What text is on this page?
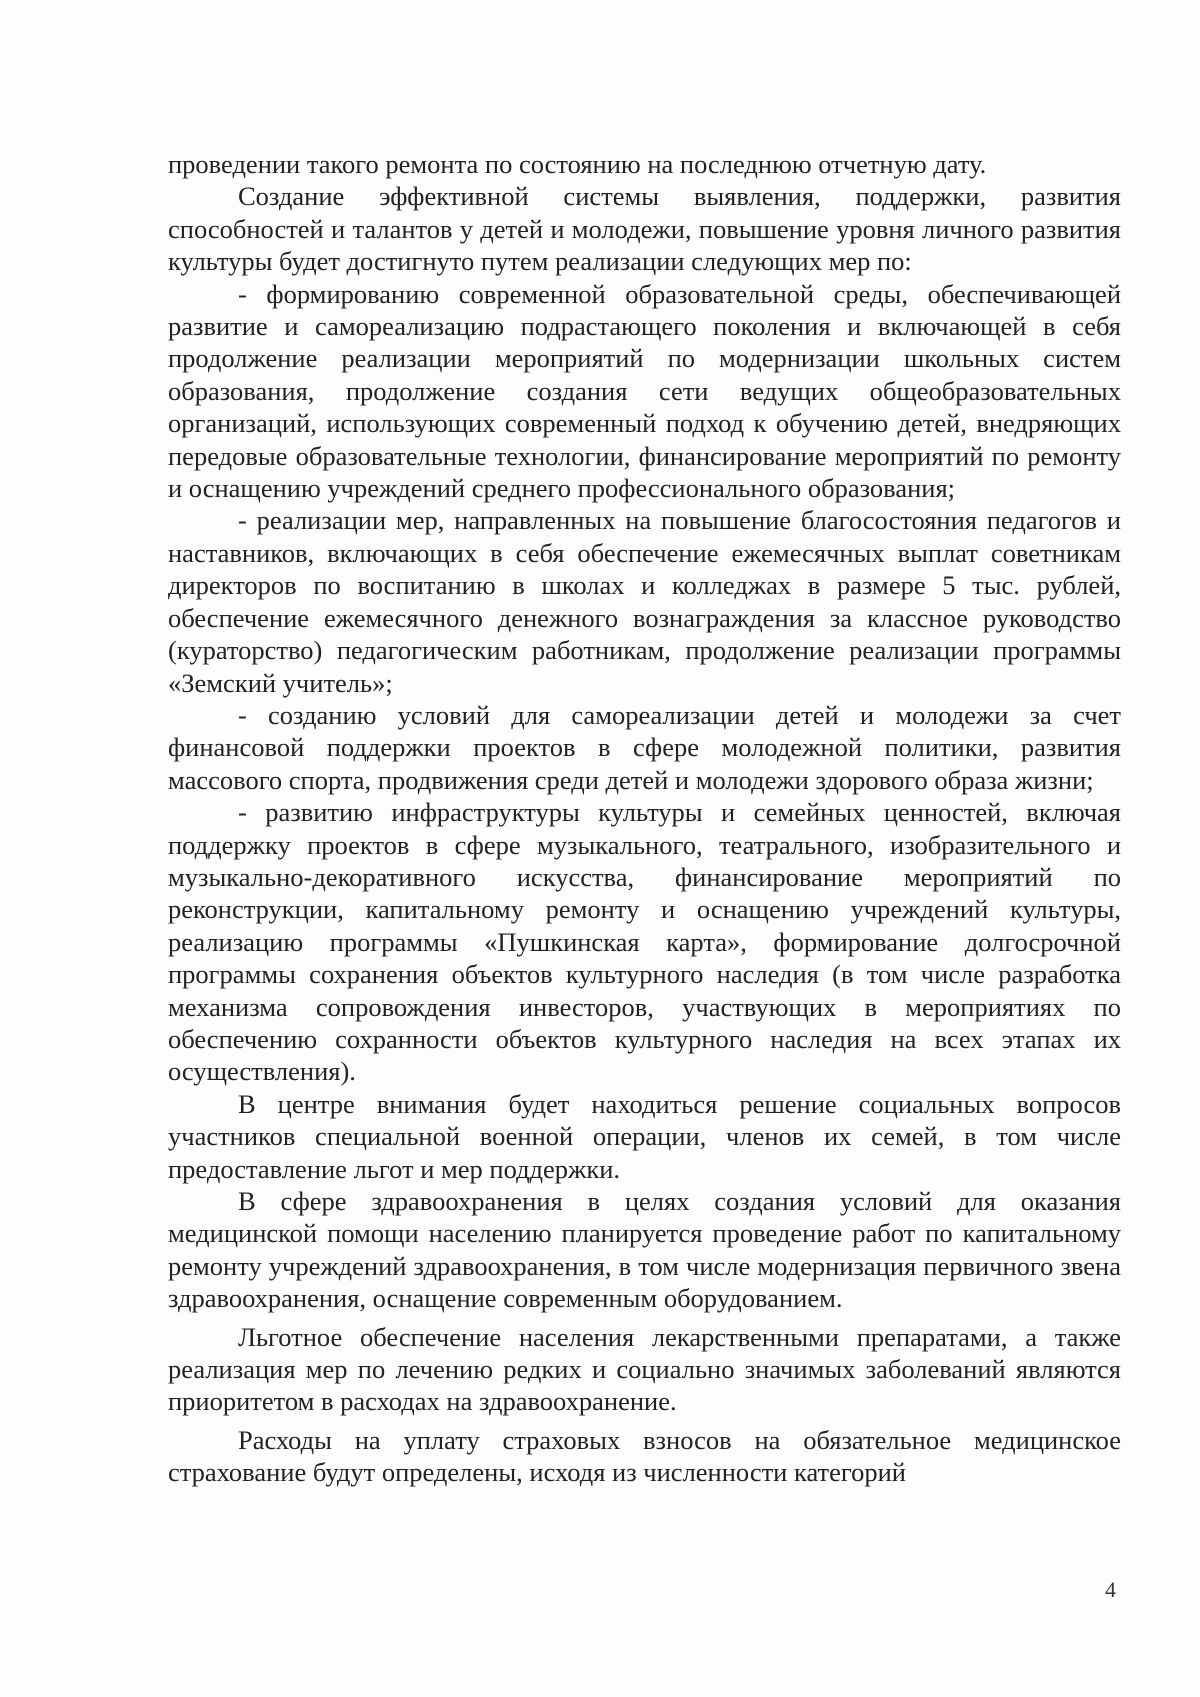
проведении такого ремонта по состоянию на последнюю отчетную дату.

Создание эффективной системы выявления, поддержки, развития способностей и талантов у детей и молодежи, повышение уровня личного развития культуры будет достигнуто путем реализации следующих мер по:

- формированию современной образовательной среды, обеспечивающей развитие и самореализацию подрастающего поколения и включающей в себя продолжение реализации мероприятий по модернизации школьных систем образования, продолжение создания сети ведущих общеобразовательных организаций, использующих современный подход к обучению детей, внедряющих передовые образовательные технологии, финансирование мероприятий по ремонту и оснащению учреждений среднего профессионального образования;

- реализации мер, направленных на повышение благосостояния педагогов и наставников, включающих в себя обеспечение ежемесячных выплат советникам директоров по воспитанию в школах и колледжах в размере 5 тыс. рублей, обеспечение ежемесячного денежного вознаграждения за классное руководство (кураторство) педагогическим работникам, продолжение реализации программы «Земский учитель»;

- созданию условий для самореализации детей и молодежи за счет финансовой поддержки проектов в сфере молодежной политики, развития массового спорта, продвижения среди детей и молодежи здорового образа жизни;

- развитию инфраструктуры культуры и семейных ценностей, включая поддержку проектов в сфере музыкального, театрального, изобразительного и музыкально-декоративного искусства, финансирование мероприятий по реконструкции, капитальному ремонту и оснащению учреждений культуры, реализацию программы «Пушкинская карта», формирование долгосрочной программы сохранения объектов культурного наследия (в том числе разработка механизма сопровождения инвесторов, участвующих в мероприятиях по обеспечению сохранности объектов культурного наследия на всех этапах их осуществления).

В центре внимания будет находиться решение социальных вопросов участников специальной военной операции, членов их семей, в том числе предоставление льгот и мер поддержки.

В сфере здравоохранения в целях создания условий для оказания медицинской помощи населению планируется проведение работ по капитальному ремонту учреждений здравоохранения, в том числе модернизация первичного звена здравоохранения, оснащение современным оборудованием.

Льготное обеспечение населения лекарственными препаратами, а также реализация мер по лечению редких и социально значимых заболеваний являются приоритетом в расходах на здравоохранение.

Расходы на уплату страховых взносов на обязательное медицинское страхование будут определены, исходя из численности категорий

4
